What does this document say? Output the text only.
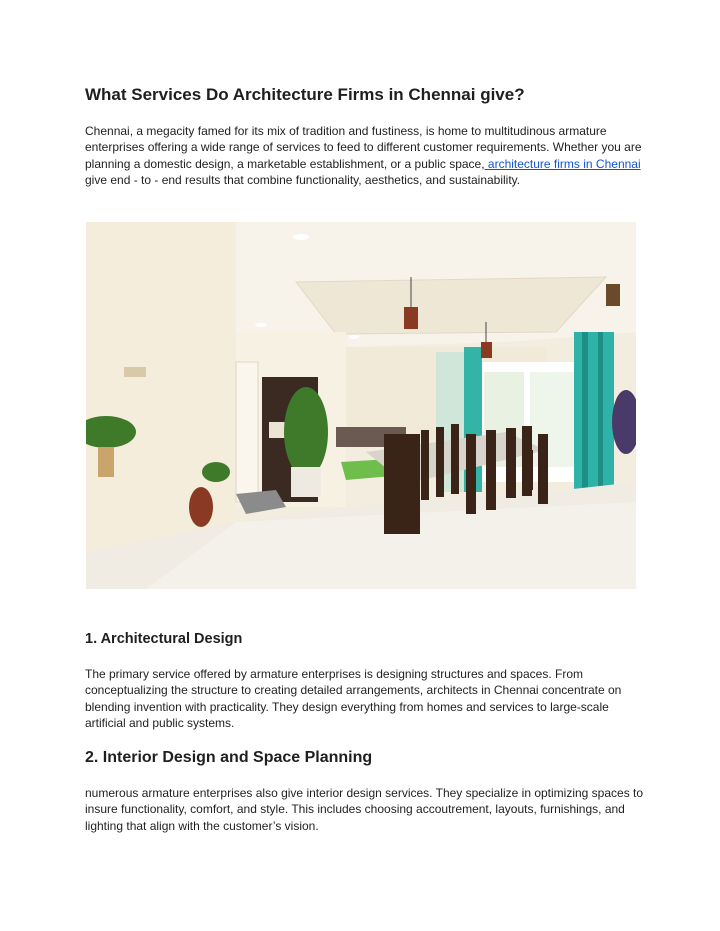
What Services Do Architecture Firms in Chennai give?

Chennai, a megacity famed for its mix of tradition and fustiness, is home to multitudinous armature enterprises offering a wide range of services to feed to different customer requirements. Whether you are planning a domestic design, a marketable establishment, or a public space, architecture firms in Chennai give end - to - end results that combine functionality, aesthetics, and sustainability.

1. Architectural Design

The primary service offered by armature enterprises is designing structures and spaces. From conceptualizing the structure to creating detailed arrangements, architects in Chennai concentrate on blending invention with practicality. They design everything from homes and services to large-scale artificial and public systems.

2. Interior Design and Space Planning

numerous armature enterprises also give interior design services. They specialize in optimizing spaces to insure functionality, comfort, and style. This includes choosing accoutrement, layouts, furnishings, and lighting that align with the customer’s vision.
